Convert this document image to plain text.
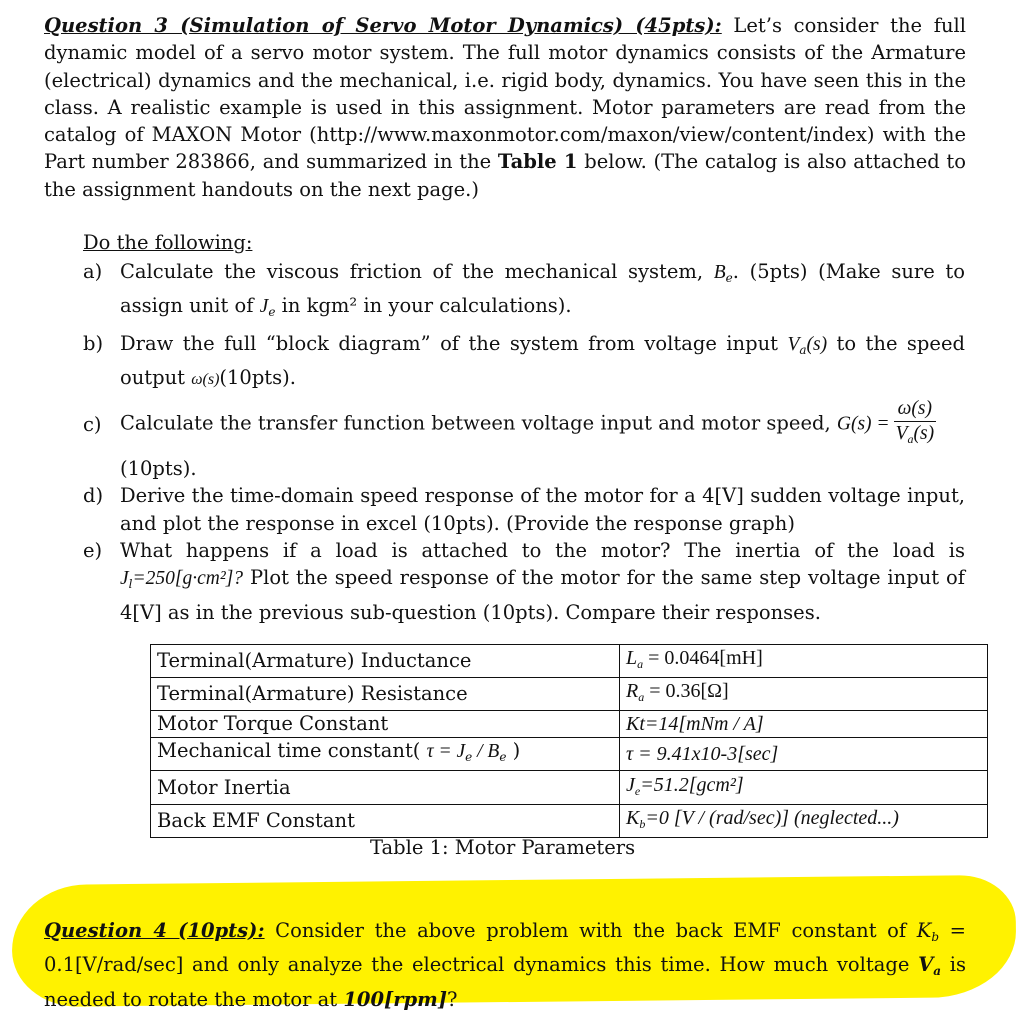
Question 3 (Simulation of Servo Motor Dynamics) (45pts): Let’s consider the full dynamic model of a servo motor system. The full motor dynamics consists of the Armature (electrical) dynamics and the mechanical, i.e. rigid body, dynamics. You have seen this in the class. A realistic example is used in this assignment. Motor parameters are read from the catalog of MAXON Motor (http://www.maxonmotor.com/maxon/view/content/index) with the Part number 283866, and summarized in the Table 1 below. (The catalog is also attached to the assignment handouts on the next page.)

Do the following:

a) Calculate the viscous friction of the mechanical system, $B_e$. (5pts) (Make sure to assign unit of $J_e$ in kgm² in your calculations).
b) Draw the full “block diagram” of the system from voltage input $V_a(s)$ to the speed output ω(s)(10pts).
c) Calculate the transfer function between voltage input and motor speed, $G(s) = \frac{\omega(s)}{V_a(s)}$
(10pts).
d) Derive the time-domain speed response of the motor for a 4[V] sudden voltage input, and plot the response in excel (10pts). (Provide the response graph)
e) What happens if a load is attached to the motor? The inertia of the load is $J_l=250[g\cdot cm^2]$? Plot the speed response of the motor for the same step voltage input of 4[V] as in the previous sub-question (10pts). Compare their responses.
Terminal(Armature) Inductance	$L_a = 0.0464[mH]$
Terminal(Armature) Resistance	$R_a = 0.36[\Omega]$
Motor Torque Constant	Kt=14[mNm / A]
Mechanical time constant( $\tau = J_e / B_e$ )	τ = 9.41x10-3[sec]
Motor Inertia	$J_e=51.2[gcm^2]$
Back EMF Constant	$K_b=0$ [V / (rad/sec)] (neglected...)

Table 1: Motor Parameters

Question 4 (10pts): Consider the above problem with the back EMF constant of $K_b = 0.1[V/rad/\sec]$ and only analyze the electrical dynamics this time. How much voltage $V_a$ is needed to rotate the motor at 100[rpm]?
